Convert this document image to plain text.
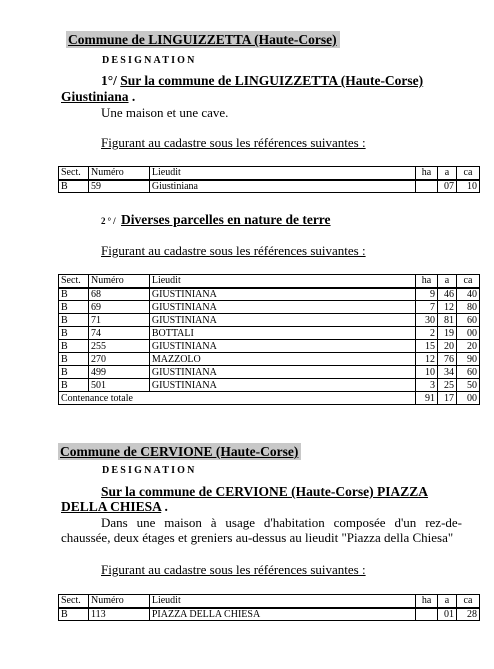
Commune de LINGUIZZETTA (Haute-Corse)
DESIGNATION
1°/ Sur la commune de LINGUIZZETTA (Haute-Corse)
Giustiniana .
Une maison et une cave.
Figurant au cadastre sous les références suivantes :
Sect.	Numéro	Lieudit	ha	a	ca
B	59	Giustiniana		07	10
2°/ Diverses parcelles en nature de terre
Figurant au cadastre sous les références suivantes :
Sect.	Numéro	Lieudit	ha	a	ca
B	68	GIUSTINIANA	9	46	40
B	69	GIUSTINIANA	7	12	80
B	71	GIUSTINIANA	30	81	60
B	74	BOTTALI	2	19	00
B	255	GIUSTINIANA	15	20	20
B	270	MAZZOLO	12	76	90
B	499	GIUSTINIANA	10	34	60
B	501	GIUSTINIANA	3	25	50
Contenance totale			91	17	00
Commune de CERVIONE (Haute-Corse)
DESIGNATION
Sur la commune de CERVIONE (Haute-Corse) PIAZZA
DELLA CHIESA .
Dans une maison à usage d'habitation composée d'un rez-de-chaussée, deux étages et greniers au-dessus au lieudit "Piazza della Chiesa"
Figurant au cadastre sous les références suivantes :
Sect.	Numéro	Lieudit	ha	a	ca
B	113	PIAZZA DELLA CHIESA		01	28
